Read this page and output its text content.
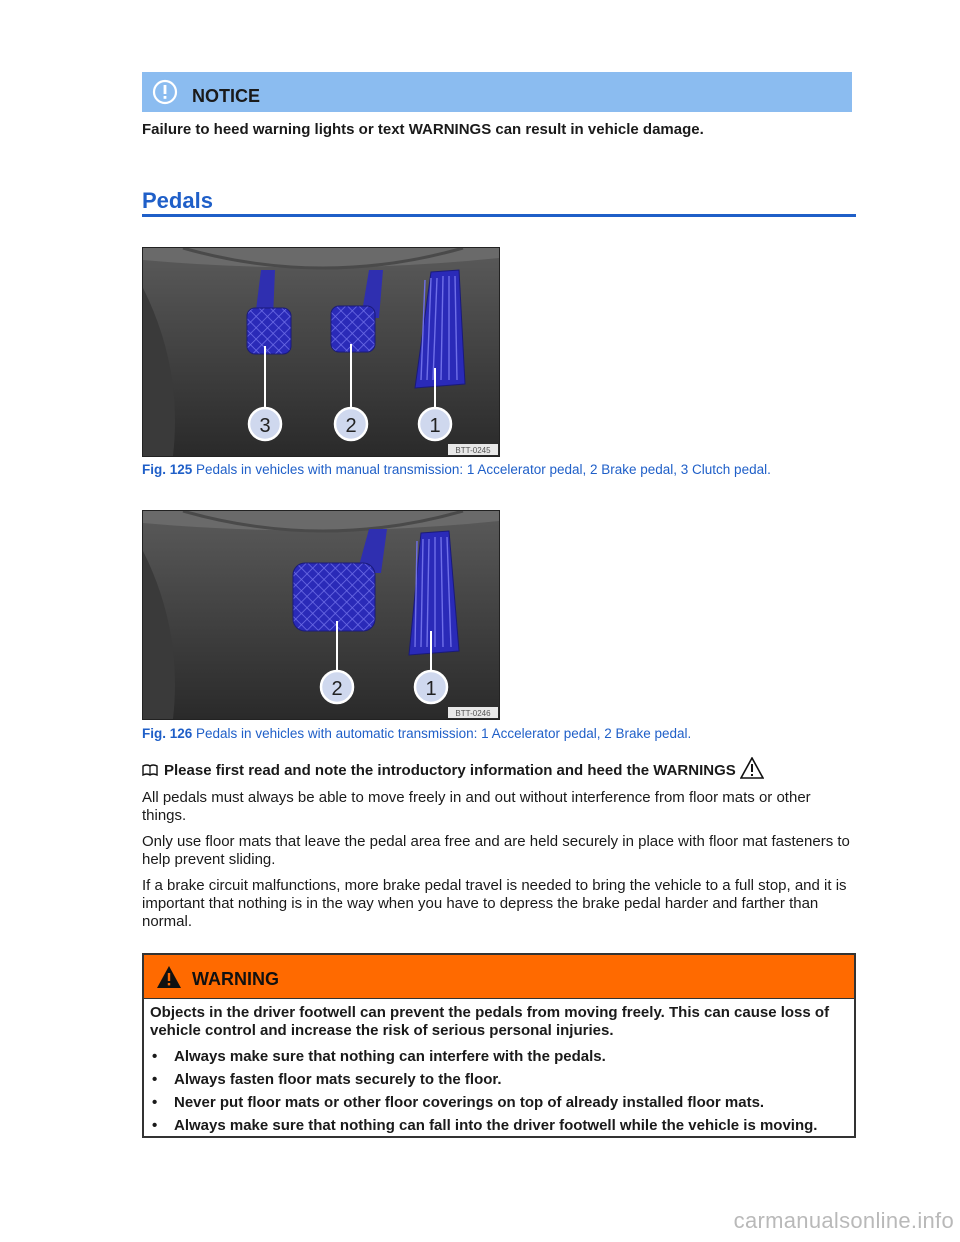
NOTICE
Failure to heed warning lights or text WARNINGS can result in vehicle damage.
Pedals
3	2	1
BTT-0245
Fig. 125 Pedals in vehicles with manual transmission: 1 Accelerator pedal, 2 Brake pedal, 3 Clutch pedal.
2	1
BTT-0246
Fig. 126 Pedals in vehicles with automatic transmission: 1 Accelerator pedal, 2 Brake pedal.
Please first read and note the introductory information and heed the WARNINGS
All pedals must always be able to move freely in and out without interference from floor mats or other things.
Only use floor mats that leave the pedal area free and are held securely in place with floor mat fasteners to help prevent sliding.
If a brake circuit malfunctions, more brake pedal travel is needed to bring the vehicle to a full stop, and it is important that nothing is in the way when you have to depress the brake pedal harder and farther than normal.
WARNING
Objects in the driver footwell can prevent the pedals from moving freely. This can cause loss of vehicle control and increase the risk of serious personal injuries.
• Always make sure that nothing can interfere with the pedals.
• Always fasten floor mats securely to the floor.
• Never put floor mats or other floor coverings on top of already installed floor mats.
• Always make sure that nothing can fall into the driver footwell while the vehicle is moving.
carmanualsonline.info
